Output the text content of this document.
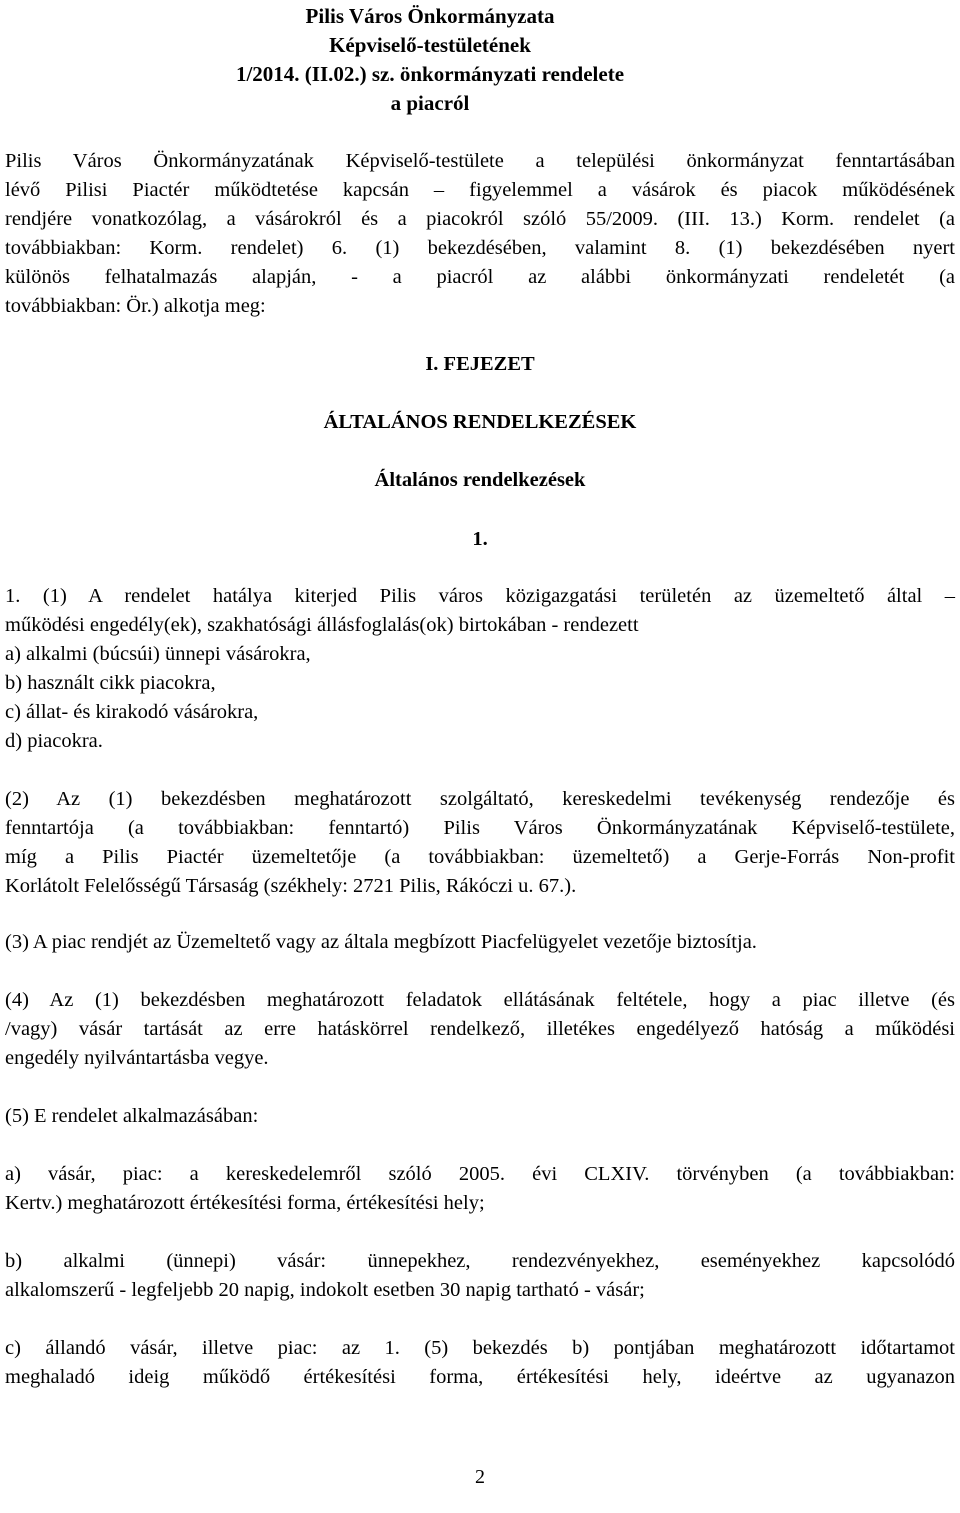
Pilis Város Önkormányzata
Képviselő-testületének
1/2014. (II.02.) sz. önkormányzati rendelete
a piacról
Pilis Város Önkormányzatának Képviselő-testülete a települési önkormányzat fenntartásában
lévő Pilisi Piactér működtetése kapcsán – figyelemmel a vásárok és piacok működésének
rendjére vonatkozólag, a vásárokról és a piacokról szóló 55/2009. (III. 13.) Korm. rendelet (a
továbbiakban: Korm. rendelet) 6. (1) bekezdésében, valamint 8. (1) bekezdésében nyert
különös felhatalmazás alapján, - a piacról az alábbi önkormányzati rendeletét (a
továbbiakban: Ör.) alkotja meg:
I. FEJEZET
ÁLTALÁNOS RENDELKEZÉSEK
Általános rendelkezések
1.
1. (1) A rendelet hatálya kiterjed Pilis város közigazgatási területén az üzemeltető által –
működési engedély(ek), szakhatósági állásfoglalás(ok) birtokában - rendezett
a) alkalmi (búcsúi) ünnepi vásárokra,
b) használt cikk piacokra,
c) állat- és kirakodó vásárokra,
d) piacokra.
(2) Az (1) bekezdésben meghatározott szolgáltató, kereskedelmi tevékenység rendezője és
fenntartója (a továbbiakban: fenntartó) Pilis Város Önkormányzatának Képviselő-testülete,
míg a Pilis Piactér üzemeltetője (a továbbiakban: üzemeltető) a Gerje-Forrás Non-profit
Korlátolt Felelősségű Társaság (székhely: 2721 Pilis, Rákóczi u. 67.).
(3) A piac rendjét az Üzemeltető vagy az általa megbízott Piacfelügyelet vezetője biztosítja.
(4) Az (1) bekezdésben meghatározott feladatok ellátásának feltétele, hogy a piac illetve (és
/vagy) vásár tartását az erre hatáskörrel rendelkező, illetékes engedélyező hatóság a működési
engedély nyilvántartásba vegye.
(5) E rendelet alkalmazásában:
a) vásár, piac: a kereskedelemről szóló 2005. évi CLXIV. törvényben (a továbbiakban:
Kertv.) meghatározott értékesítési forma, értékesítési hely;
b) alkalmi (ünnepi) vásár: ünnepekhez, rendezvényekhez, eseményekhez kapcsolódó
alkalomszerű - legfeljebb 20 napig, indokolt esetben 30 napig tartható - vásár;
c) állandó vásár, illetve piac: az 1. (5) bekezdés b) pontjában meghatározott időtartamot
meghaladó ideig működő értékesítési forma, értékesítési hely, ideértve az ugyanazon
2
